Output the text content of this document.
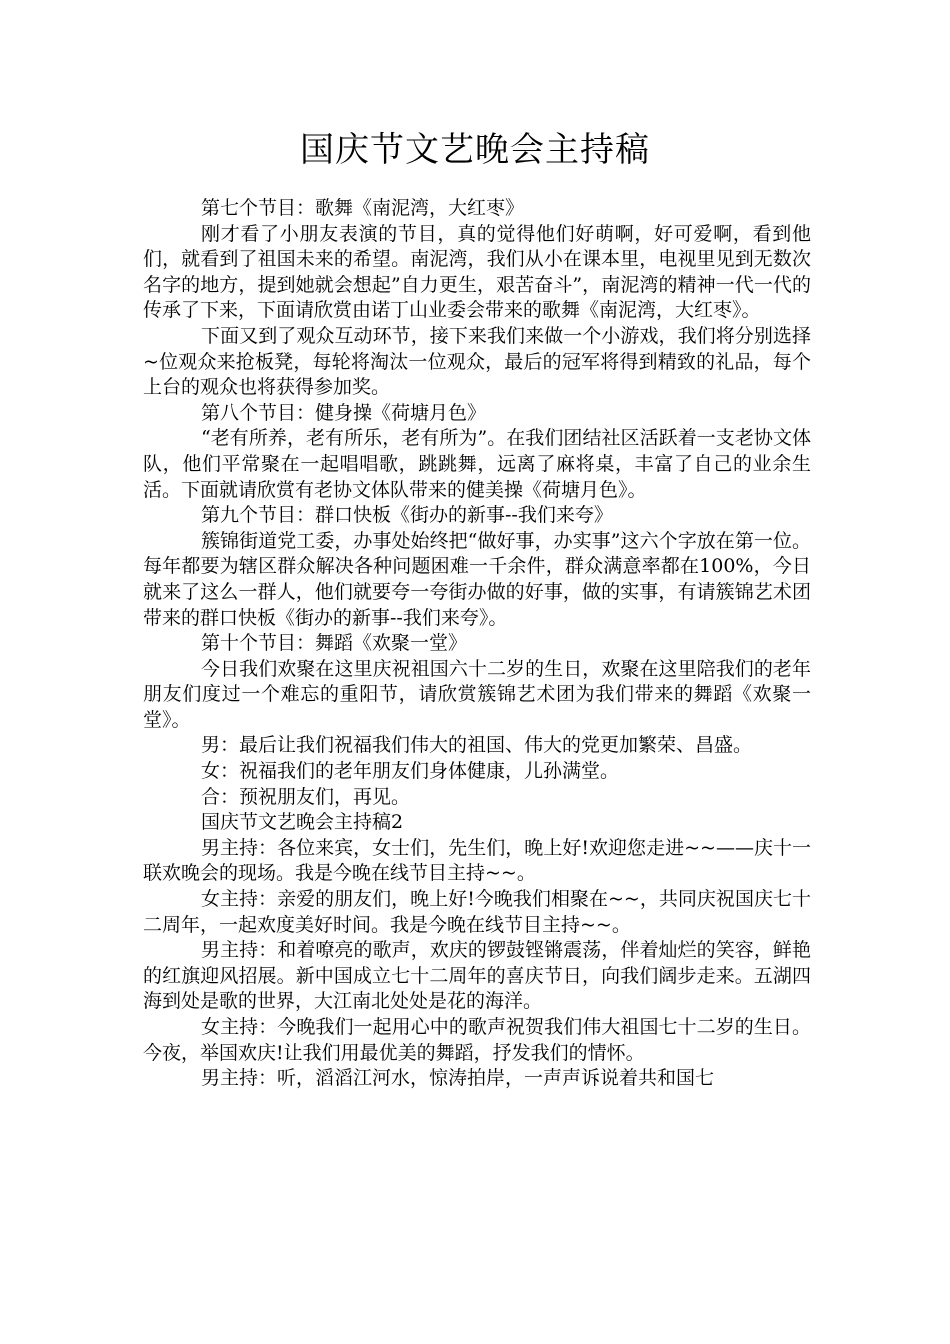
国庆节文艺晚会主持稿

第七个节目：歌舞《南泥湾，大红枣》

刚才看了小朋友表演的节目，真的觉得他们好萌啊，好可爱啊，看到他们，就看到了祖国未来的希望。南泥湾，我们从小在课本里，电视里见到无数次名字的地方，提到她就会想起”自力更生，艰苦奋斗”，南泥湾的精神一代一代的传承了下来，下面请欣赏由诺丁山业委会带来的歌舞《南泥湾，大红枣》。

下面又到了观众互动环节，接下来我们来做一个小游戏，我们将分别选择~位观众来抢板凳，每轮将淘汰一位观众，最后的冠军将得到精致的礼品，每个上台的观众也将获得参加奖。

第八个节目：健身操《荷塘月色》

“老有所养，老有所乐，老有所为”。在我们团结社区活跃着一支老协文体队，他们平常聚在一起唱唱歌，跳跳舞，远离了麻将桌，丰富了自己的业余生活。下面就请欣赏有老协文体队带来的健美操《荷塘月色》。

第九个节目：群口快板《街办的新事--我们来夸》

簇锦街道党工委，办事处始终把“做好事，办实事”这六个字放在第一位。每年都要为辖区群众解决各种问题困难一千余件，群众满意率都在100%，今日就来了这么一群人，他们就要夸一夸街办做的好事，做的实事，有请簇锦艺术团带来的群口快板《街办的新事--我们来夸》。

第十个节目：舞蹈《欢聚一堂》

今日我们欢聚在这里庆祝祖国六十二岁的生日，欢聚在这里陪我们的老年朋友们度过一个难忘的重阳节，请欣赏簇锦艺术团为我们带来的舞蹈《欢聚一堂》。

男：最后让我们祝福我们伟大的祖国、伟大的党更加繁荣、昌盛。

女：祝福我们的老年朋友们身体健康，儿孙满堂。

合：预祝朋友们，再见。

国庆节文艺晚会主持稿2

男主持：各位来宾，女士们，先生们，晚上好!欢迎您走进~~——庆十一联欢晚会的现场。我是今晚在线节目主持~~。

女主持：亲爱的朋友们，晚上好!今晚我们相聚在~~，共同庆祝国庆七十二周年，一起欢度美好时间。我是今晚在线节目主持~~。

男主持：和着嘹亮的歌声，欢庆的锣鼓铿锵震荡，伴着灿烂的笑容，鲜艳的红旗迎风招展。新中国成立七十二周年的喜庆节日，向我们阔步走来。五湖四海到处是歌的世界，大江南北处处是花的海洋。

女主持：今晚我们一起用心中的歌声祝贺我们伟大祖国七十二岁的生日。今夜，举国欢庆!让我们用最优美的舞蹈，抒发我们的情怀。

男主持：听，滔滔江河水，惊涛拍岸，一声声诉说着共和国七
